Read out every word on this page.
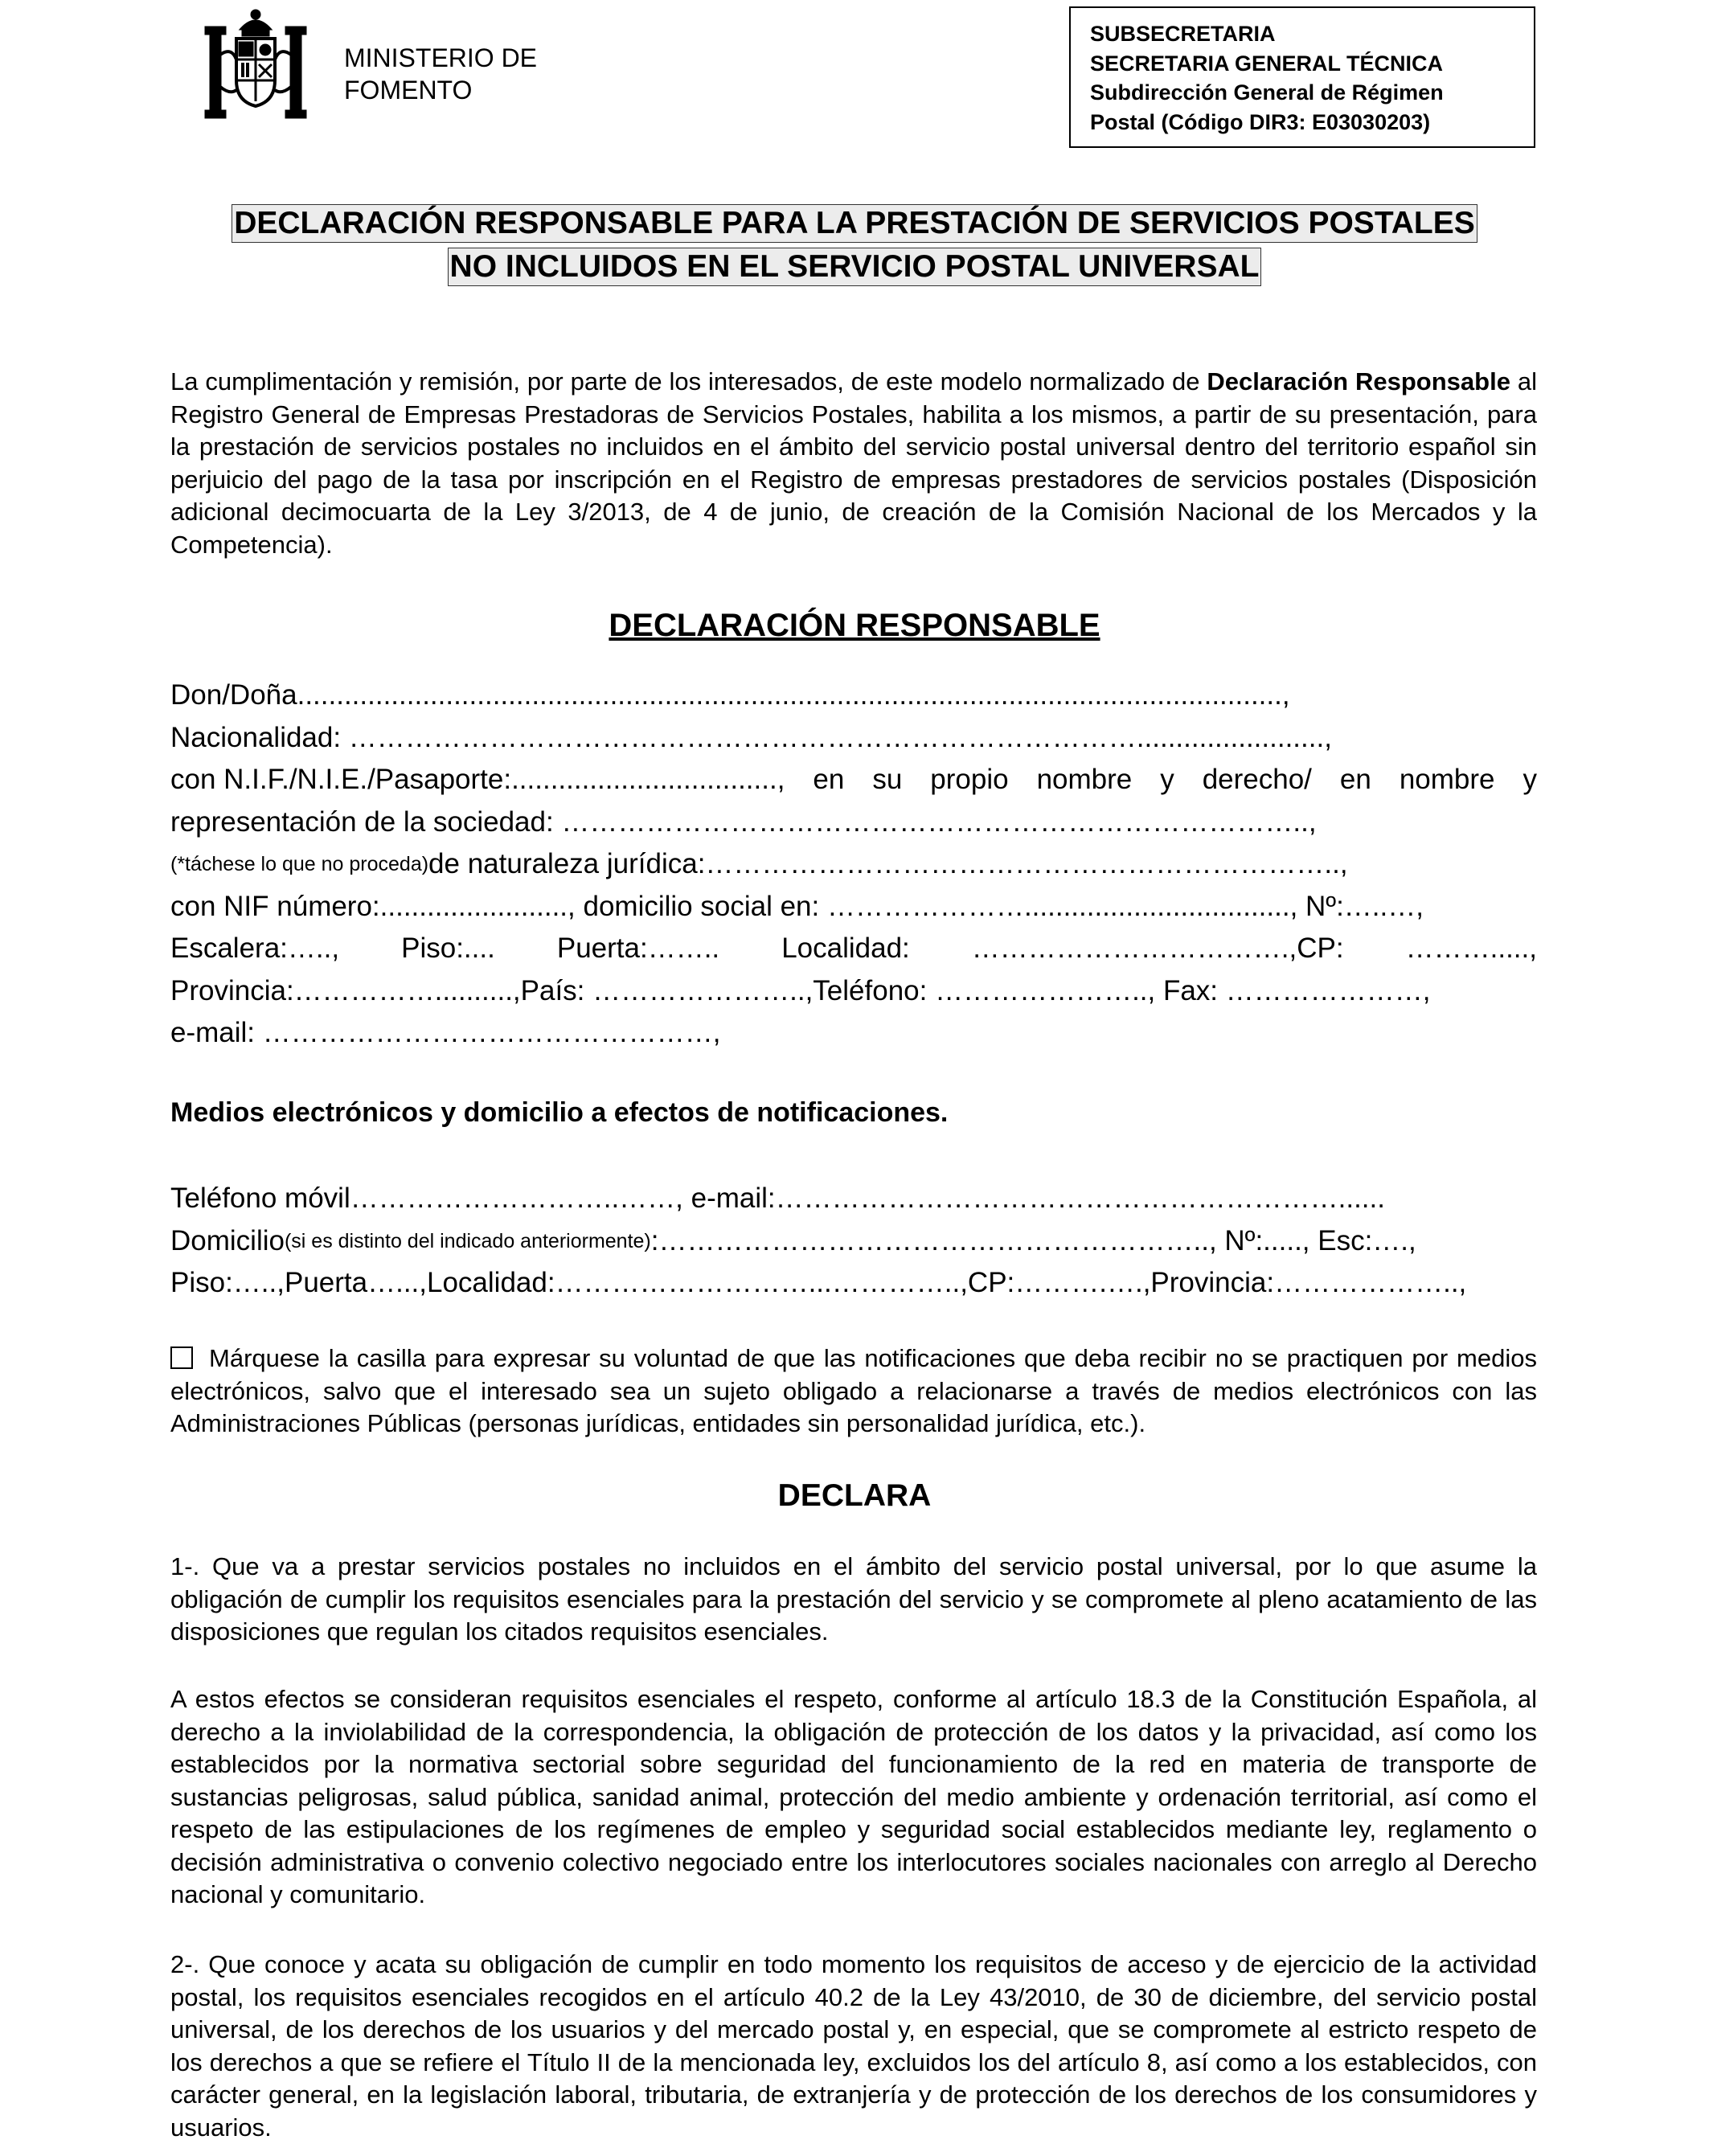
MINISTERIO DE
FOMENTO
SUBSECRETARIA
SECRETARIA GENERAL TÉCNICA
Subdirección General de Régimen
Postal (Código DIR3: E03030203)
DECLARACIÓN RESPONSABLE PARA LA PRESTACIÓN DE SERVICIOS POSTALES
NO INCLUIDOS EN EL SERVICIO POSTAL UNIVERSAL

La cumplimentación y remisión, por parte de los interesados, de este modelo normalizado de Declaración Responsable al Registro General de Empresas Prestadoras de Servicios Postales, habilita a los mismos, a partir de su presentación, para la prestación de servicios postales no incluidos en el ámbito del servicio postal universal dentro del territorio español sin perjuicio del pago de la tasa por inscripción en el Registro de empresas prestadores de servicios postales (Disposición adicional decimocuarta de la Ley 3/2013, de 4 de junio, de creación de la Comisión Nacional de los Mercados y la Competencia).

DECLARACIÓN RESPONSABLE
Don/Doña..............................................................................................................................,
Nacionalidad: …………………………………………………………………………........................,
con N.I.F./N.I.E./Pasaporte:.................................., en su propio nombre y derecho/ en nombre y
representación de la sociedad: ……………………………………………………………………..,
(*táchese lo que no proceda) de naturaleza jurídica:…………………………………………………………..,
con NIF número:........................, domicilio social en: ………………….................................., Nº:…..…,
Escalera:….., Piso:.... Puerta:…….. Localidad: …………………………….,CP: ……….....,
Provincia:……………..........,País: …………………..,Teléfono: ………………….., Fax: …………………,
e-mail: …………………………………………,
Medios electrónicos y domicilio a efectos de notificaciones.
Teléfono móvil………………………..……, e-mail:……………………………………………………......
Domicilio (si es distinto del indicado anteriormente) :………………………………………………….., Nº:....., Esc:….,
Piso:…..,Puerta…...,Localidad:………………………...…………..,CP:……….….,Provincia:………………..,

Márquese la casilla para expresar su voluntad de que las notificaciones que deba recibir no se practiquen por medios electrónicos, salvo que el interesado sea un sujeto obligado a relacionarse a través de medios electrónicos con las Administraciones Públicas (personas jurídicas, entidades sin personalidad jurídica, etc.).

DECLARA

1-. Que va a prestar servicios postales no incluidos en el ámbito del servicio postal universal, por lo que asume la obligación de cumplir los requisitos esenciales para la prestación del servicio y se compromete al pleno acatamiento de las disposiciones que regulan los citados requisitos esenciales.

A estos efectos se consideran requisitos esenciales el respeto, conforme al artículo 18.3 de la Constitución Española, al derecho a la inviolabilidad de la correspondencia, la obligación de protección de los datos y la privacidad, así como los establecidos por la normativa sectorial sobre seguridad del funcionamiento de la red en materia de transporte de sustancias peligrosas, salud pública, sanidad animal, protección del medio ambiente y ordenación territorial, así como el respeto de las estipulaciones de los regímenes de empleo y seguridad social establecidos mediante ley, reglamento o decisión administrativa o convenio colectivo negociado entre los interlocutores sociales nacionales con arreglo al Derecho nacional y comunitario.

2-. Que conoce y acata su obligación de cumplir en todo momento los requisitos de acceso y de ejercicio de la actividad postal, los requisitos esenciales recogidos en el artículo 40.2 de la Ley 43/2010, de 30 de diciembre, del servicio postal universal, de los derechos de los usuarios y del mercado postal y, en especial, que se compromete al estricto respeto de los derechos a que se refiere el Título II de la mencionada ley, excluidos los del artículo 8, así como a los establecidos, con carácter general, en la legislación laboral, tributaria, de extranjería y de protección de los derechos de los consumidores y usuarios.
